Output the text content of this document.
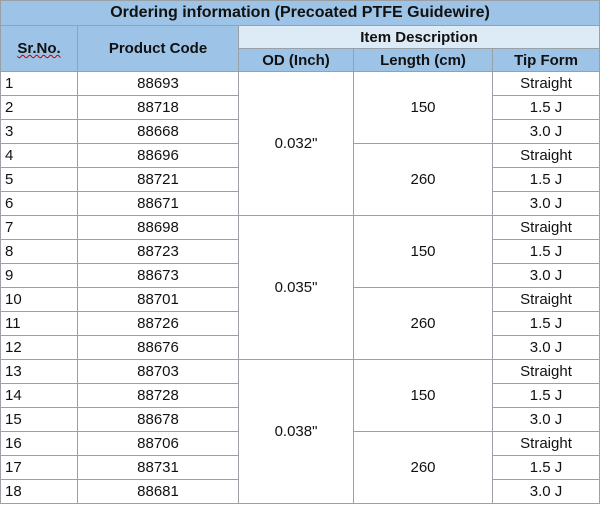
Ordering information (Precoated PTFE Guidewire)				
Sr.No.	Product Code	Item Description		
		OD (Inch)	Length (cm)	Tip Form
1	88693	0.032"	150	Straight
2	88718			1.5 J
3	88668			3.0 J
4	88696		260	Straight
5	88721			1.5 J
6	88671			3.0 J
7	88698	0.035"	150	Straight
8	88723			1.5 J
9	88673			3.0 J
10	88701		260	Straight
11	88726			1.5 J
12	88676			3.0 J
13	88703	0.038"	150	Straight
14	88728			1.5 J
15	88678			3.0 J
16	88706		260	Straight
17	88731			1.5 J
18	88681			3.0 J
